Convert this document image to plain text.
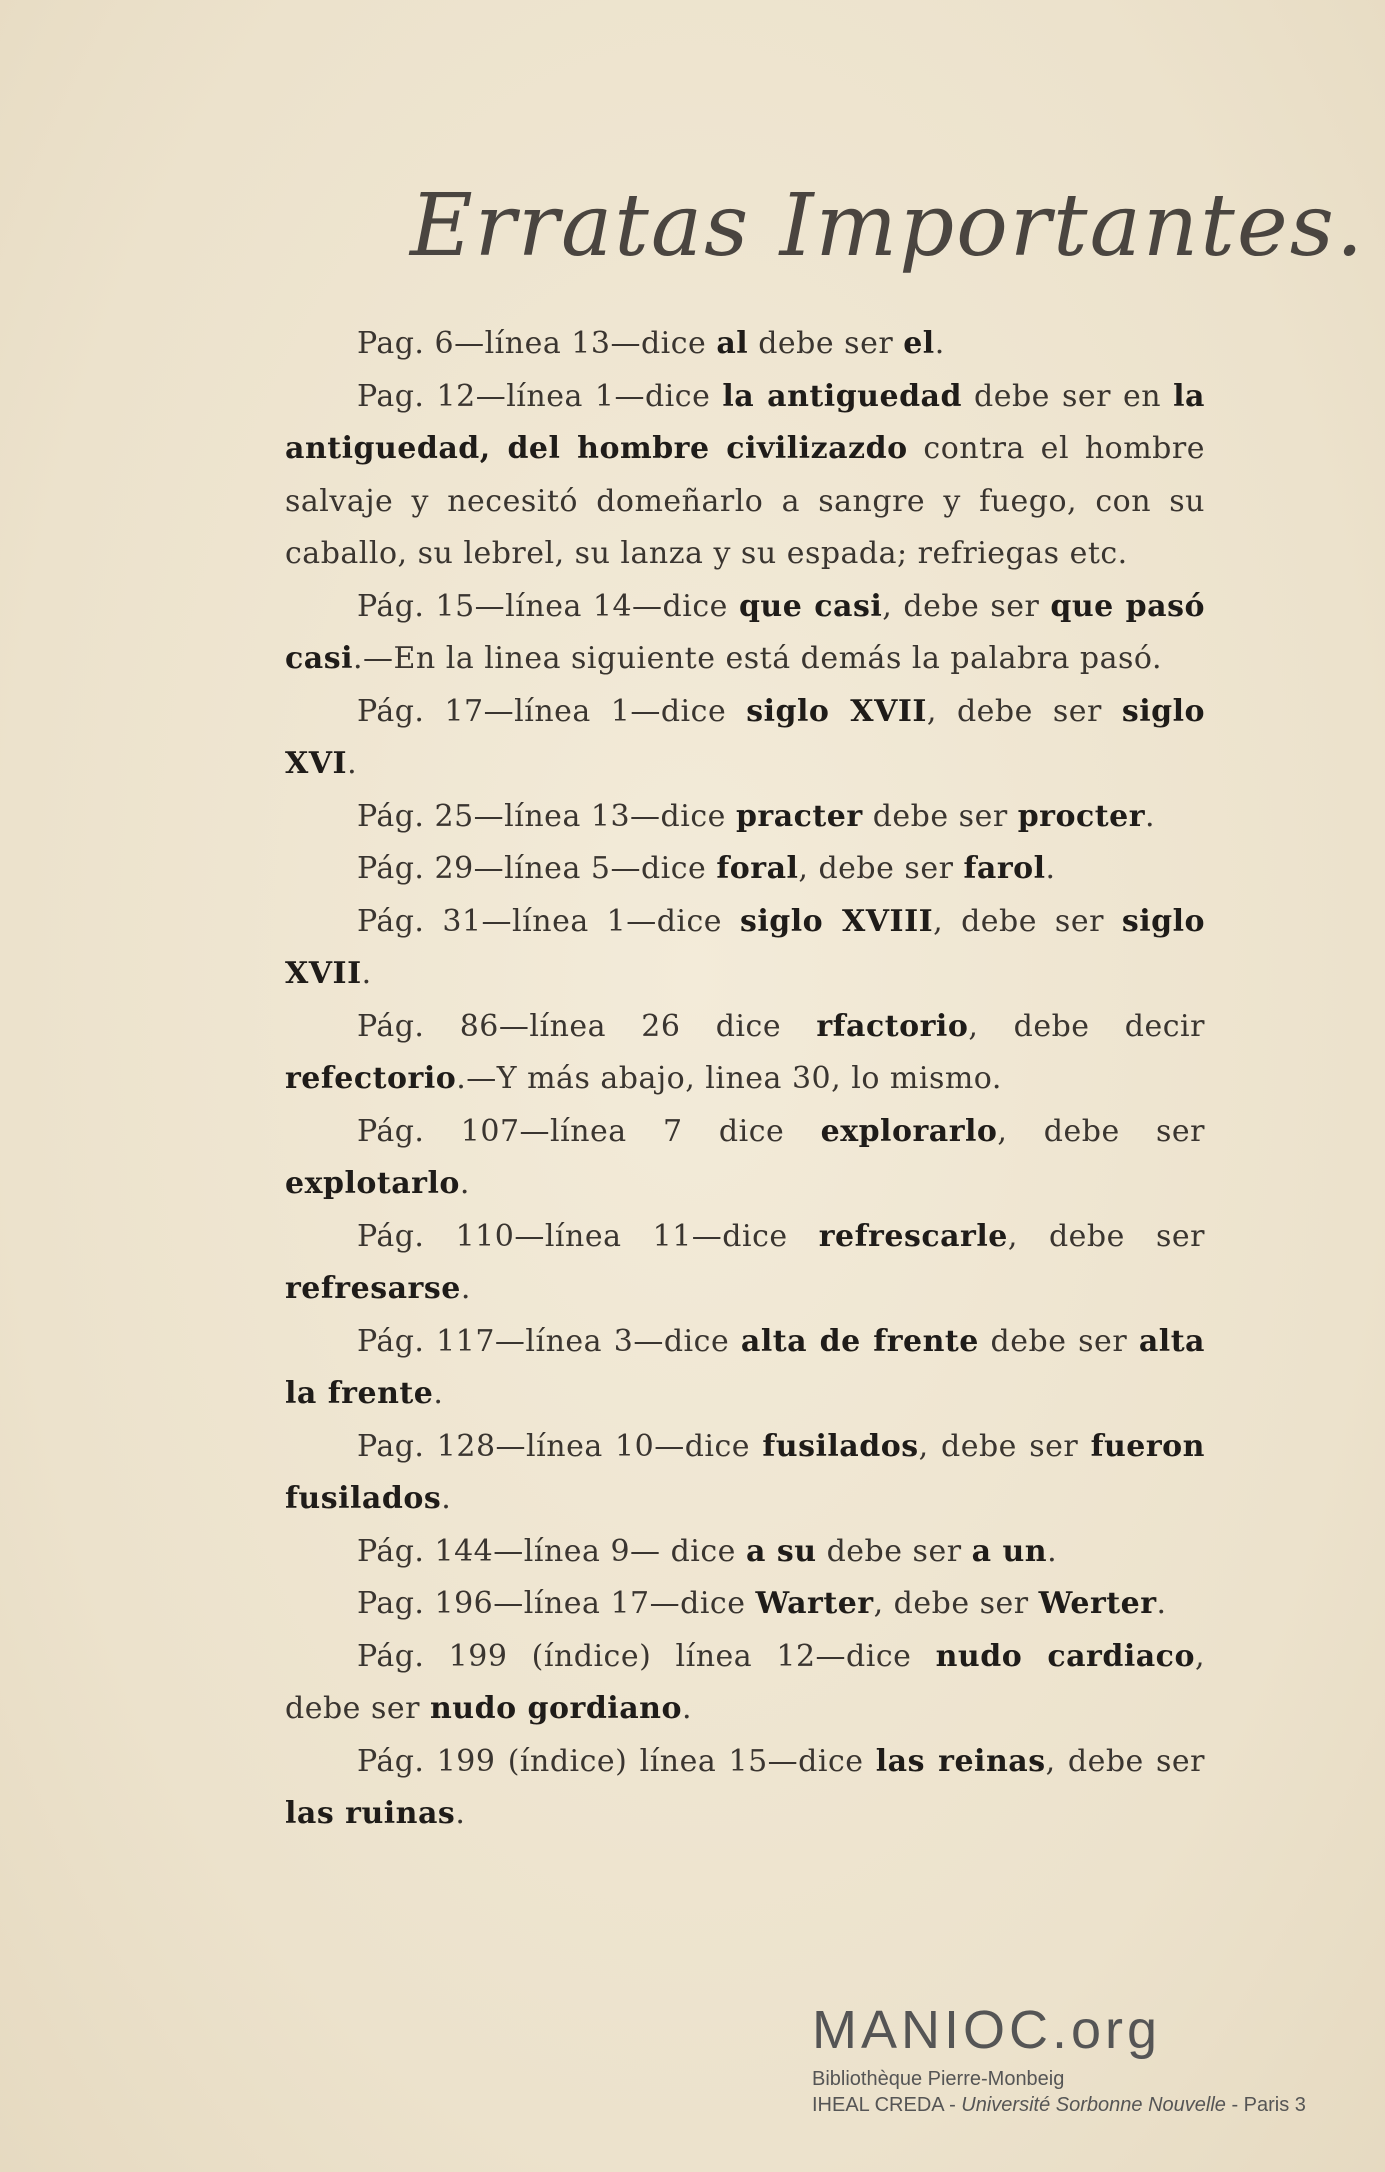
Erratas Importantes.

Pag. 6—línea 13—dice al debe ser el.

Pag. 12—línea 1—dice la antiguedad debe ser en la antiguedad, del hombre civilizazdo contra el hombre salvaje y necesitó domeñarlo a sangre y fuego, con su caballo, su lebrel, su lanza y su espada; refriegas etc.

Pág. 15—línea 14—dice que casi, debe ser que pasó casi.—En la linea siguiente está demás la palabra pasó.

Pág. 17—línea 1—dice siglo XVII, debe ser siglo XVI.

Pág. 25—línea 13—dice practer debe ser procter.

Pág. 29—línea 5—dice foral, debe ser farol.

Pág. 31—línea 1—dice siglo XVIII, debe ser siglo XVII.

Pág. 86—línea 26 dice rfactorio, debe decir refectorio.—Y más abajo, linea 30, lo mismo.

Pág. 107—línea 7 dice explorarlo, debe ser explotarlo.

Pág. 110—línea 11—dice refrescarle, debe ser refresarse.

Pág. 117—línea 3—dice alta de frente debe ser alta la frente.

Pag. 128—línea 10—dice fusilados, debe ser fueron fusilados.

Pág. 144—línea 9— dice a su debe ser a un.

Pag. 196—línea 17—dice Warter, debe ser Werter.

Pág. 199 (índice) línea 12—dice nudo cardiaco, debe ser nudo gordiano.

Pág. 199 (índice) línea 15—dice las reinas, debe ser las ruinas.

MANIOC.org
Bibliothèque Pierre-Monbeig
IHEAL CREDA - Université Sorbonne Nouvelle - Paris 3
